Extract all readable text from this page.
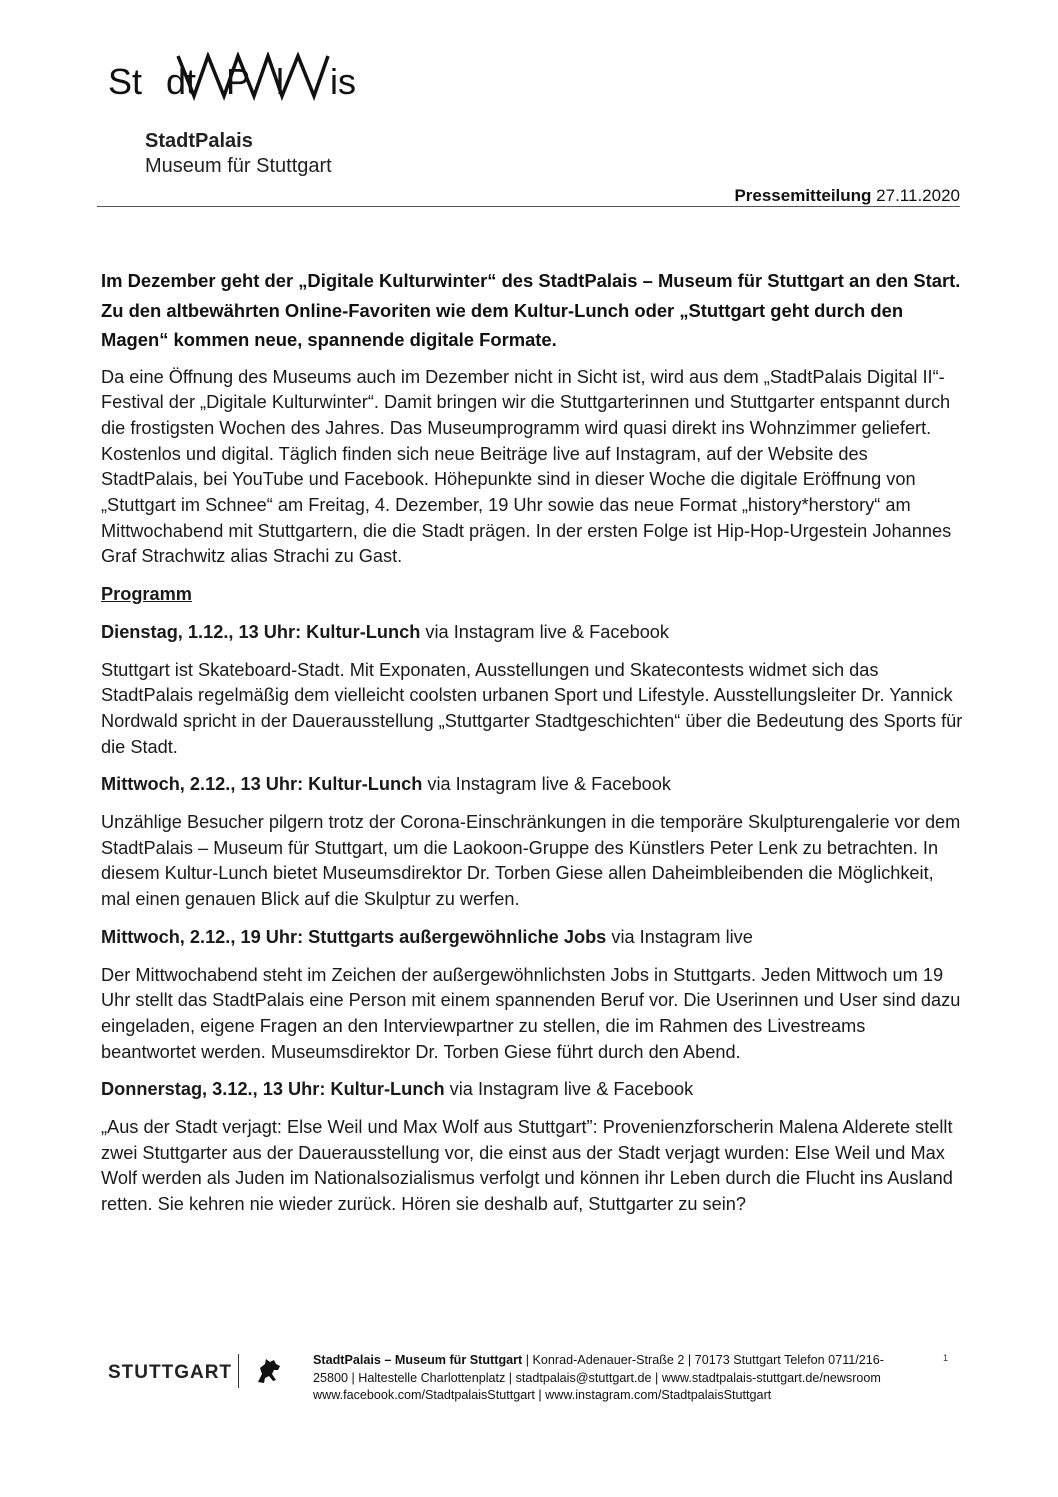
St dt P l is
StadtPalais
Museum für Stuttgart
Pressemitteilung 27.11.2020

Im Dezember geht der „Digitale Kulturwinter“ des StadtPalais – Museum für Stuttgart an den Start. Zu den altbewährten Online-Favoriten wie dem Kultur-Lunch oder „Stuttgart geht durch den Magen“ kommen neue, spannende digitale Formate.

Da eine Öffnung des Museums auch im Dezember nicht in Sicht ist, wird aus dem „StadtPalais Digital II“-Festival der „Digitale Kulturwinter“. Damit bringen wir die Stuttgarterinnen und Stuttgarter entspannt durch die frostigsten Wochen des Jahres. Das Museumprogramm wird quasi direkt ins Wohnzimmer geliefert. Kostenlos und digital. Täglich finden sich neue Beiträge live auf Instagram, auf der Website des StadtPalais, bei YouTube und Facebook. Höhepunkte sind in dieser Woche die digitale Eröffnung von „Stuttgart im Schnee“ am Freitag, 4. Dezember, 19 Uhr sowie das neue Format „history*herstory“ am Mittwochabend mit Stuttgartern, die die Stadt prägen. In der ersten Folge ist Hip-Hop-Urgestein Johannes Graf Strachwitz alias Strachi zu Gast.

Programm

Dienstag, 1.12., 13 Uhr: Kultur-Lunch via Instagram live & Facebook

Stuttgart ist Skateboard-Stadt. Mit Exponaten, Ausstellungen und Skatecontests widmet sich das StadtPalais regelmäßig dem vielleicht coolsten urbanen Sport und Lifestyle. Ausstellungsleiter Dr. Yannick Nordwald spricht in der Dauerausstellung „Stuttgarter Stadtgeschichten“ über die Bedeutung des Sports für die Stadt.

Mittwoch, 2.12., 13 Uhr: Kultur-Lunch via Instagram live & Facebook

Unzählige Besucher pilgern trotz der Corona-Einschränkungen in die temporäre Skulpturengalerie vor dem StadtPalais – Museum für Stuttgart, um die Laokoon-Gruppe des Künstlers Peter Lenk zu betrachten. In diesem Kultur-Lunch bietet Museumsdirektor Dr. Torben Giese allen Daheimbleibenden die Möglichkeit, mal einen genauen Blick auf die Skulptur zu werfen.

Mittwoch, 2.12., 19 Uhr: Stuttgarts außergewöhnliche Jobs via Instagram live

Der Mittwochabend steht im Zeichen der außergewöhnlichsten Jobs in Stuttgarts. Jeden Mittwoch um 19 Uhr stellt das StadtPalais eine Person mit einem spannenden Beruf vor. Die Userinnen und User sind dazu eingeladen, eigene Fragen an den Interviewpartner zu stellen, die im Rahmen des Livestreams beantwortet werden. Museumsdirektor Dr. Torben Giese führt durch den Abend.

Donnerstag, 3.12., 13 Uhr: Kultur-Lunch via Instagram live & Facebook

„Aus der Stadt verjagt: Else Weil und Max Wolf aus Stuttgart”: Provenienzforscherin Malena Alderete stellt zwei Stuttgarter aus der Dauerausstellung vor, die einst aus der Stadt verjagt wurden: Else Weil und Max Wolf werden als Juden im Nationalsozialismus verfolgt und können ihr Leben durch die Flucht ins Ausland retten. Sie kehren nie wieder zurück. Hören sie deshalb auf, Stuttgarter zu sein?

STUTTGART
StadtPalais – Museum für Stuttgart | Konrad-Adenauer-Straße 2 | 70173 Stuttgart Telefon 0711/216-25800 | Haltestelle Charlottenplatz | stadtpalais@stuttgart.de | www.stadtpalais-stuttgart.de/newsroom www.facebook.com/StadtpalaisStuttgart | www.instagram.com/StadtpalaisStuttgart
1
